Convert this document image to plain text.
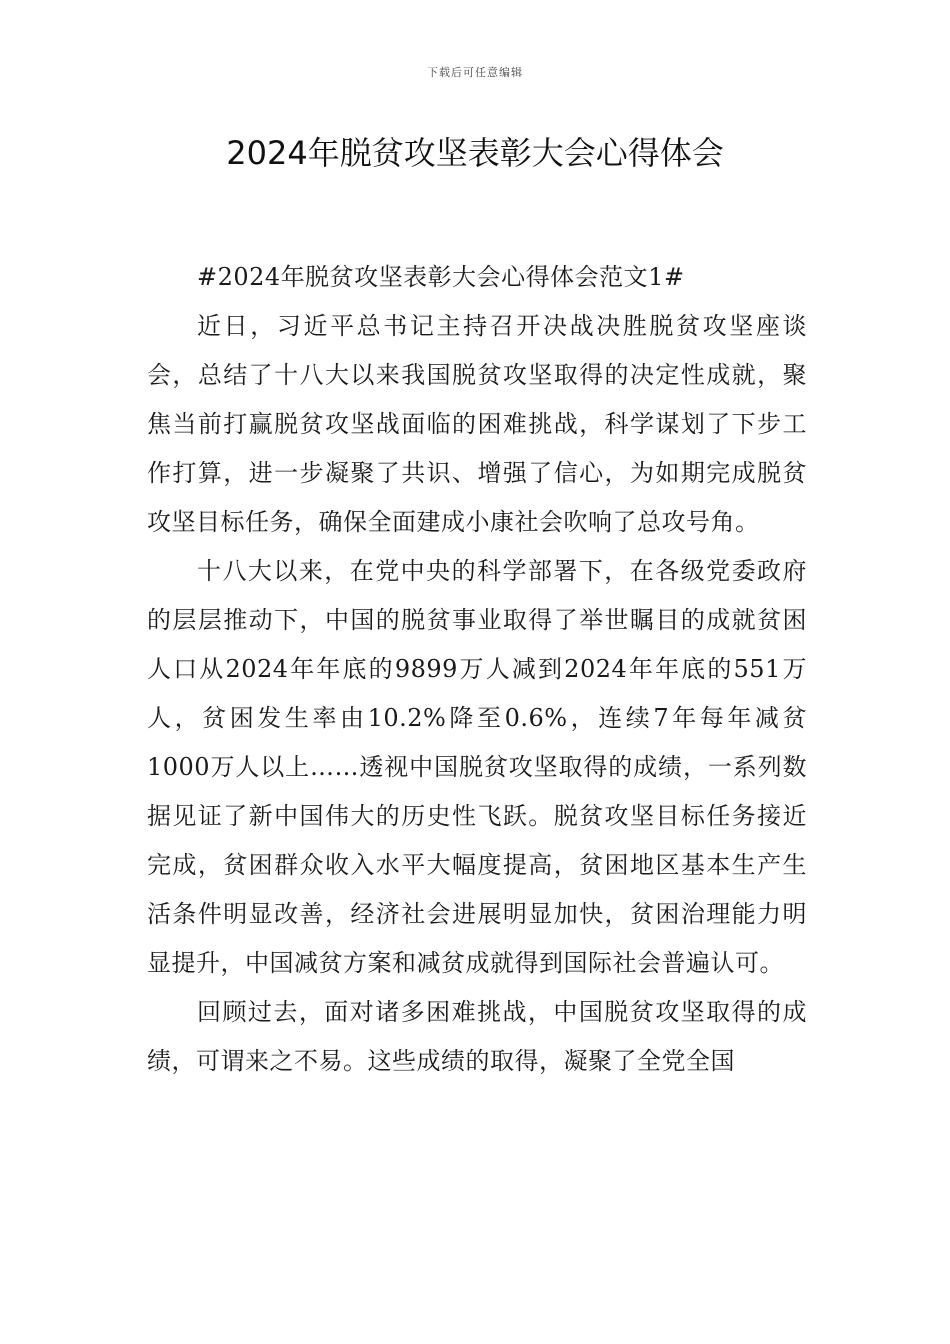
下载后可任意编辑
2024年脱贫攻坚表彰大会心得体会

#2024年脱贫攻坚表彰大会心得体会范文1#

近日，习近平总书记主持召开决战决胜脱贫攻坚座谈会，总结了十八大以来我国脱贫攻坚取得的决定性成就，聚焦当前打赢脱贫攻坚战面临的困难挑战，科学谋划了下步工作打算，进一步凝聚了共识、增强了信心，为如期完成脱贫攻坚目标任务，确保全面建成小康社会吹响了总攻号角。

十八大以来，在党中央的科学部署下，在各级党委政府的层层推动下，中国的脱贫事业取得了举世瞩目的成就贫困人口从2024年年底的9899万人减到2024年年底的551万人，贫困发生率由10.2%降至0.6%，连续7年每年减贫1000万人以上……透视中国脱贫攻坚取得的成绩，一系列数据见证了新中国伟大的历史性飞跃。脱贫攻坚目标任务接近完成，贫困群众收入水平大幅度提高，贫困地区基本生产生活条件明显改善，经济社会进展明显加快，贫困治理能力明显提升，中国减贫方案和减贫成就得到国际社会普遍认可。

回顾过去，面对诸多困难挑战，中国脱贫攻坚取得的成绩，可谓来之不易。这些成绩的取得，凝聚了全党全国
